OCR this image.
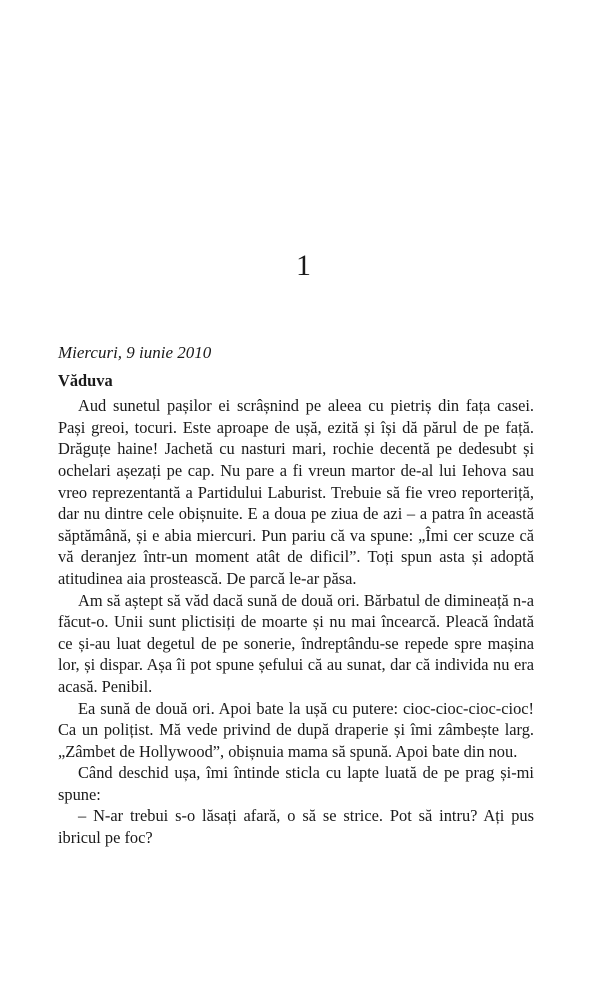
1

Miercuri, 9 iunie 2010

Văduva

Aud sunetul pașilor ei scrâșnind pe aleea cu pietriș din fața casei. Pași greoi, tocuri. Este aproape de ușă, ezită și își dă părul de pe față. Drăguțe haine! Jachetă cu nasturi mari, rochie decentă pe dedesubt și ochelari așezați pe cap. Nu pare a fi vreun martor de-al lui Iehova sau vreo reprezentantă a Partidului Laburist. Trebuie să fie vreo reporteriță, dar nu dintre cele obișnuite. E a doua pe ziua de azi – a patra în această săptămână, și e abia miercuri. Pun pariu că va spune: „Îmi cer scuze că vă deranjez într-un moment atât de dificil”. Toți spun asta și adoptă atitudinea aia prostească. De parcă le-ar păsa.

Am să aștept să văd dacă sună de două ori. Bărbatul de dimineață n-a făcut-o. Unii sunt plictisiți de moarte și nu mai încearcă. Pleacă îndată ce și-au luat degetul de pe sonerie, îndreptându-se repede spre mașina lor, și dispar. Așa îi pot spune șefului că au sunat, dar că individa nu era acasă. Penibil.

Ea sună de două ori. Apoi bate la ușă cu putere: cioc-cioc-cioc-cioc! Ca un polițist. Mă vede privind de după draperie și îmi zâmbește larg. „Zâmbet de Hollywood”, obișnuia mama să spună. Apoi bate din nou.

Când deschid ușa, îmi întinde sticla cu lapte luată de pe prag și-mi spune:

– N-ar trebui s-o lăsați afară, o să se strice. Pot să intru? Ați pus ibricul pe foc?
